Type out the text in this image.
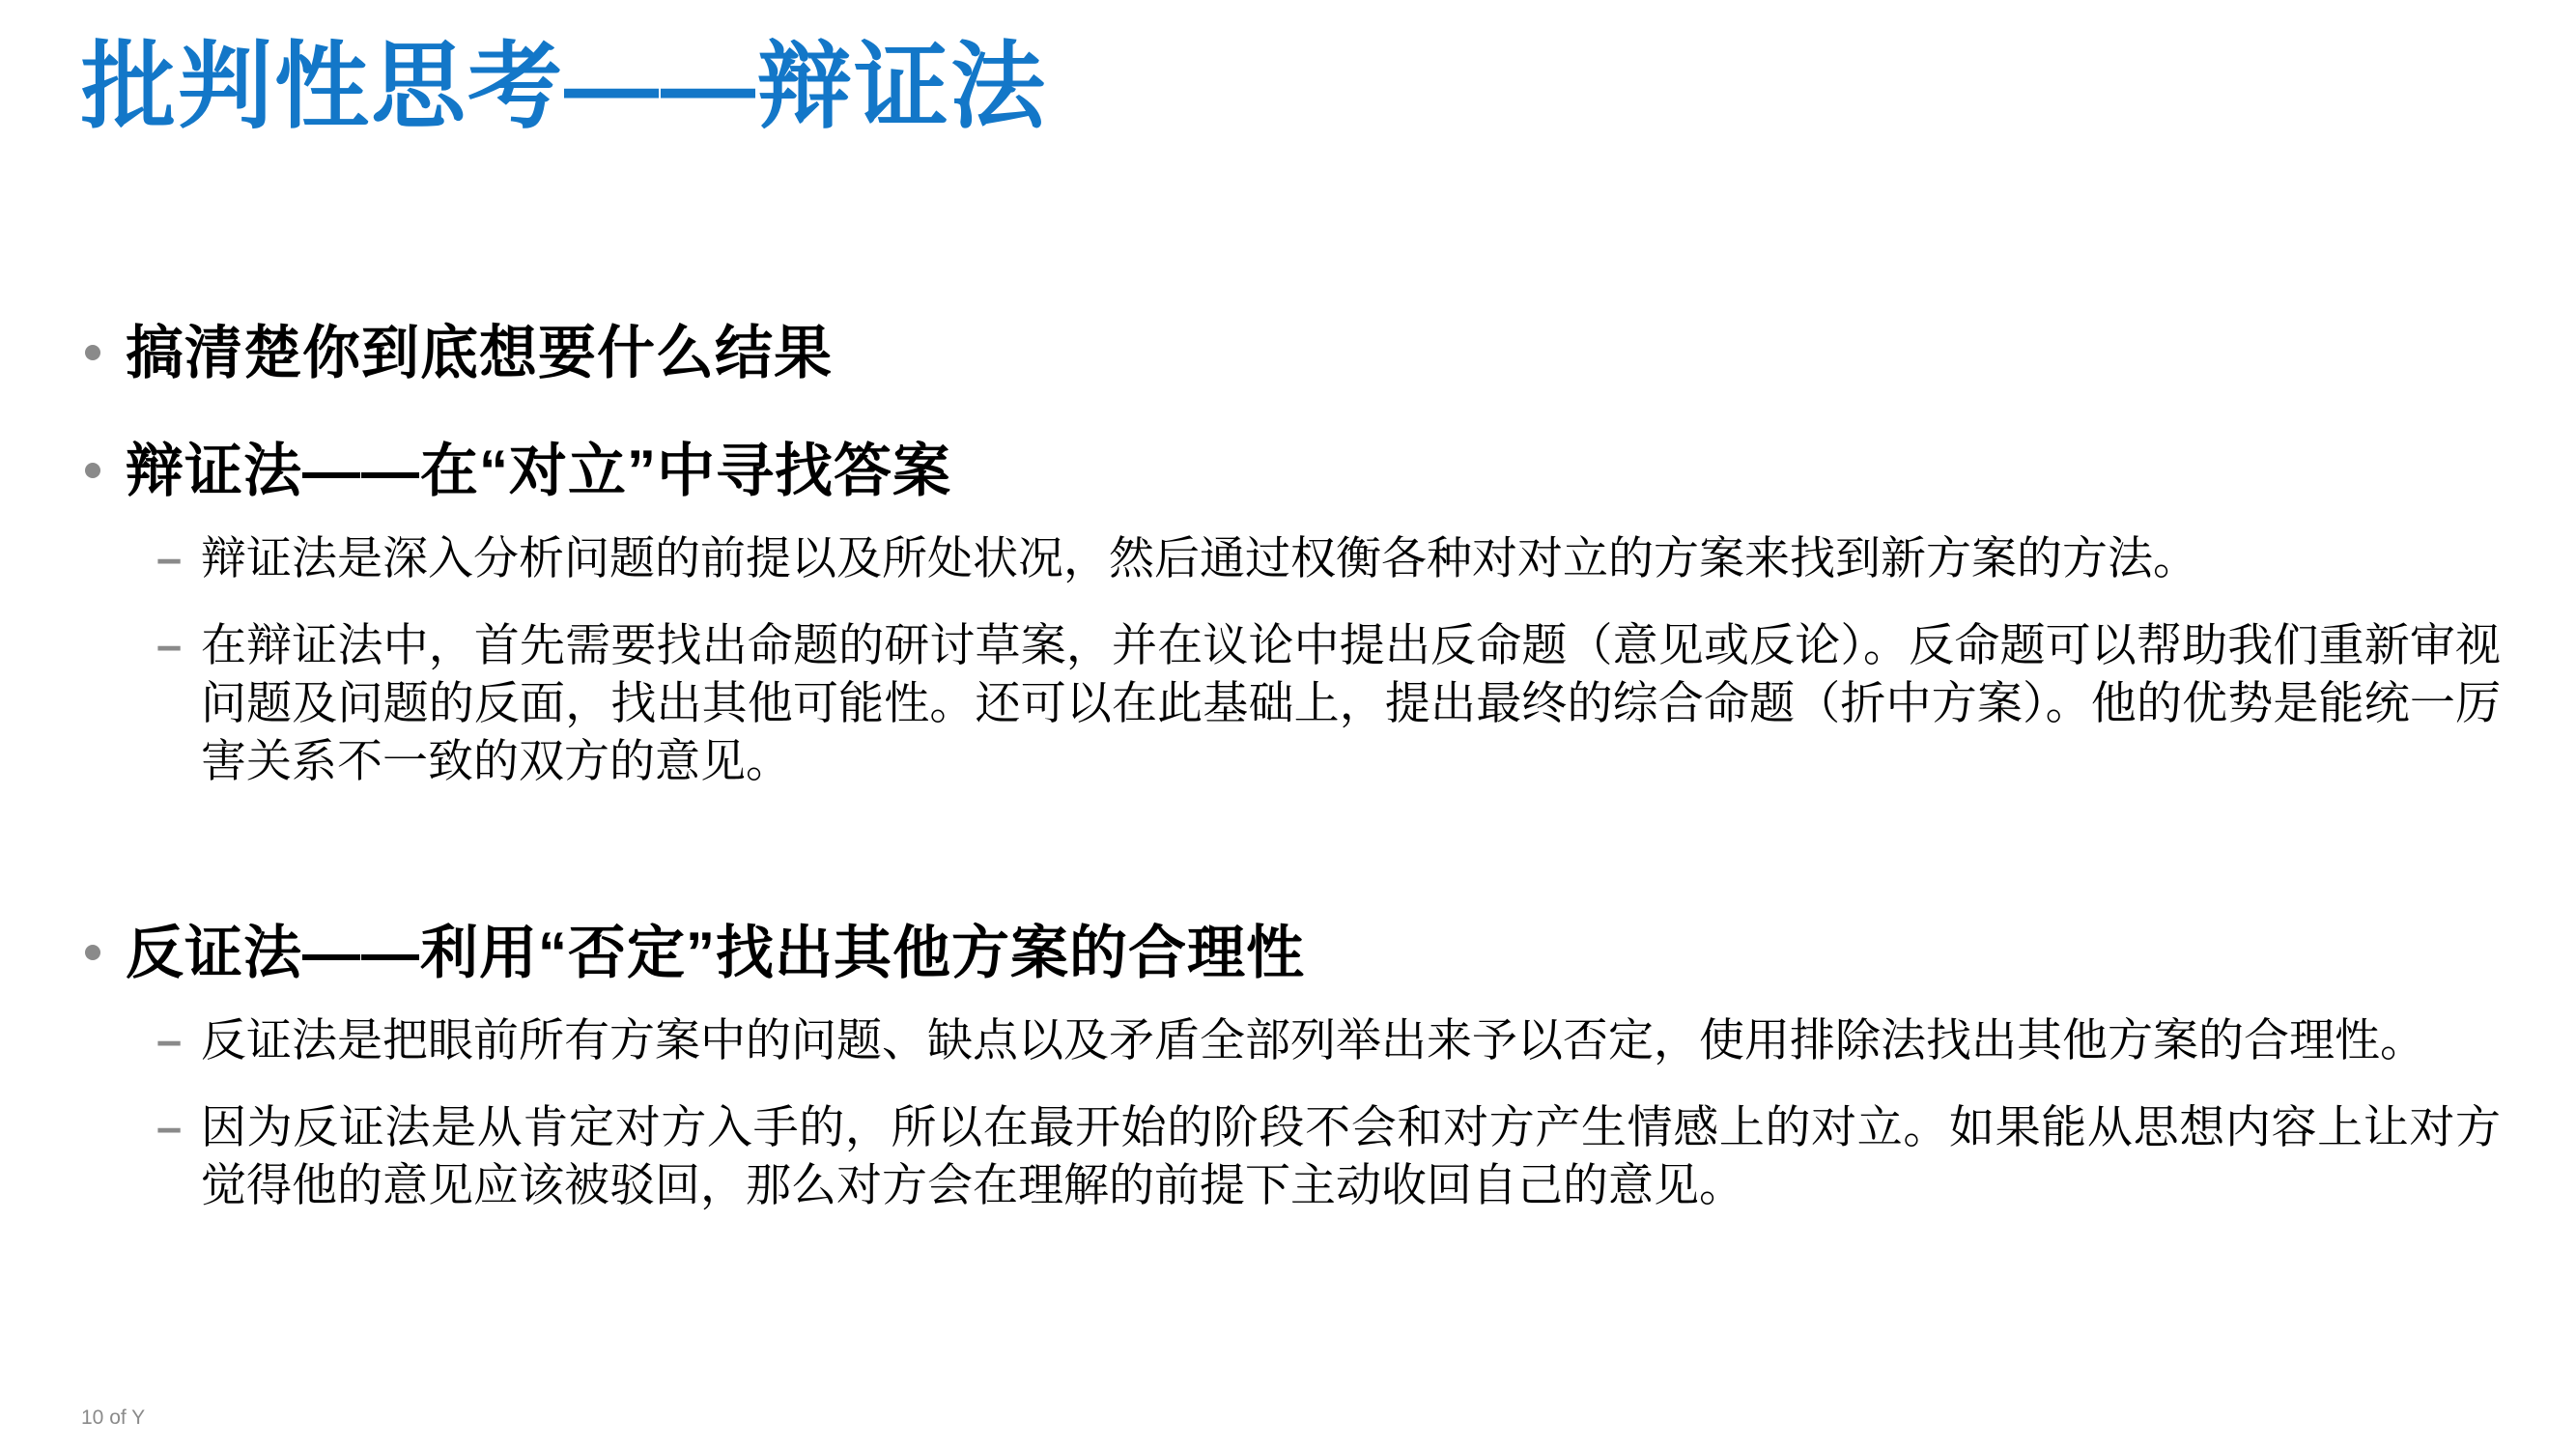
批判性思考——辩证法
搞清楚你到底想要什么结果
辩证法——在“对立”中寻找答案
– 辩证法是深入分析问题的前提以及所处状况，然后通过权衡各种对对立的方案来找到新方案的方法。
– 在辩证法中，首先需要找出命题的研讨草案，并在议论中提出反命题（意见或反论）。反命题可以帮助我们重新审视问题及问题的反面，找出其他可能性。还可以在此基础上，提出最终的综合命题（折中方案）。他的优势是能统一厉害关系不一致的双方的意见。
反证法——利用“否定”找出其他方案的合理性
– 反证法是把眼前所有方案中的问题、缺点以及矛盾全部列举出来予以否定，使用排除法找出其他方案的合理性。
– 因为反证法是从肯定对方入手的，所以在最开始的阶段不会和对方产生情感上的对立。如果能从思想内容上让对方觉得他的意见应该被驳回，那么对方会在理解的前提下主动收回自己的意见。
10 of Y
